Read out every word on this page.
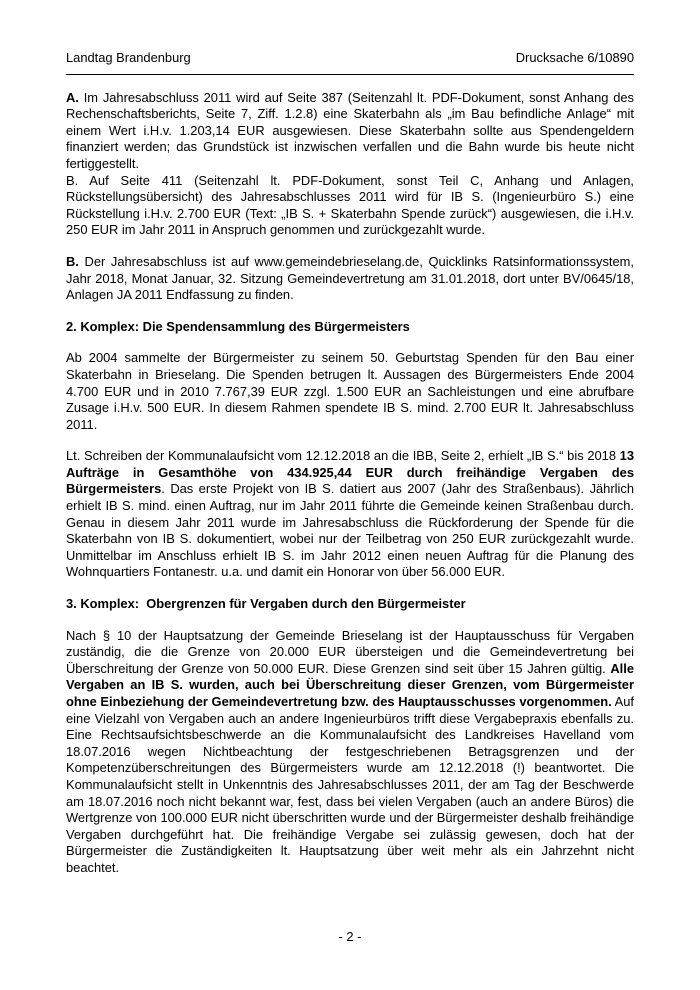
Landtag Brandenburg	Drucksache 6/10890

A. Im Jahresabschluss 2011 wird auf Seite 387 (Seitenzahl lt. PDF-Dokument, sonst Anhang des Rechenschaftsberichts, Seite 7, Ziff. 1.2.8) eine Skaterbahn als „im Bau befindliche Anlage“ mit einem Wert i.H.v. 1.203,14 EUR ausgewiesen. Diese Skaterbahn sollte aus Spendengeldern finanziert werden; das Grundstück ist inzwischen verfallen und die Bahn wurde bis heute nicht fertiggestellt.
B. Auf Seite 411 (Seitenzahl lt. PDF-Dokument, sonst Teil C, Anhang und Anlagen, Rückstellungsübersicht) des Jahresabschlusses 2011 wird für IB S. (Ingenieurbüro S.) eine Rückstellung i.H.v. 2.700 EUR (Text: „IB S. + Skaterbahn Spende zurück“) ausgewiesen, die i.H.v. 250 EUR im Jahr 2011 in Anspruch genommen und zurückgezahlt wurde.

B. Der Jahresabschluss ist auf www.gemeindebrieselang.de, Quicklinks Ratsinformationssystem, Jahr 2018, Monat Januar, 32. Sitzung Gemeindevertretung am 31.01.2018, dort unter BV/0645/18, Anlagen JA 2011 Endfassung zu finden.

2. Komplex: Die Spendensammlung des Bürgermeisters

Ab 2004 sammelte der Bürgermeister zu seinem 50. Geburtstag Spenden für den Bau einer Skaterbahn in Brieselang. Die Spenden betrugen lt. Aussagen des Bürgermeisters Ende 2004 4.700 EUR und in 2010 7.767,39 EUR zzgl. 1.500 EUR an Sachleistungen und eine abrufbare Zusage i.H.v. 500 EUR. In diesem Rahmen spendete IB S. mind. 2.700 EUR lt. Jahresabschluss 2011.

Lt. Schreiben der Kommunalaufsicht vom 12.12.2018 an die IBB, Seite 2, erhielt „IB S.“ bis 2018 13 Aufträge in Gesamthöhe von 434.925,44 EUR durch freihändige Vergaben des Bürgermeisters. Das erste Projekt von IB S. datiert aus 2007 (Jahr des Straßenbaus). Jährlich erhielt IB S. mind. einen Auftrag, nur im Jahr 2011 führte die Gemeinde keinen Straßenbau durch. Genau in diesem Jahr 2011 wurde im Jahresabschluss die Rückforderung der Spende für die Skaterbahn von IB S. dokumentiert, wobei nur der Teilbetrag von 250 EUR zurückgezahlt wurde. Unmittelbar im Anschluss erhielt IB S. im Jahr 2012 einen neuen Auftrag für die Planung des Wohnquartiers Fontanestr. u.a. und damit ein Honorar von über 56.000 EUR.

3. Komplex:  Obergrenzen für Vergaben durch den Bürgermeister

Nach § 10 der Hauptsatzung der Gemeinde Brieselang ist der Hauptausschuss für Vergaben zuständig, die die Grenze von 20.000 EUR übersteigen und die Gemeindevertretung bei Überschreitung der Grenze von 50.000 EUR. Diese Grenzen sind seit über 15 Jahren gültig. Alle Vergaben an IB S. wurden, auch bei Überschreitung dieser Grenzen, vom Bürgermeister ohne Einbeziehung der Gemeindevertretung bzw. des Hauptausschusses vorgenommen. Auf eine Vielzahl von Vergaben auch an andere Ingenieurbüros trifft diese Vergabepraxis ebenfalls zu. Eine Rechtsaufsichtsbeschwerde an die Kommunalaufsicht des Landkreises Havelland vom 18.07.2016 wegen Nichtbeachtung der festgeschriebenen Betragsgrenzen und der Kompetenzüberschreitungen des Bürgermeisters wurde am 12.12.2018 (!) beantwortet. Die Kommunalaufsicht stellt in Unkenntnis des Jahresabschlusses 2011, der am Tag der Beschwerde am 18.07.2016 noch nicht bekannt war, fest, dass bei vielen Vergaben (auch an andere Büros) die Wertgrenze von 100.000 EUR nicht überschritten wurde und der Bürgermeister deshalb freihändige Vergaben durchgeführt hat. Die freihändige Vergabe sei zulässig gewesen, doch hat der Bürgermeister die Zuständigkeiten lt. Hauptsatzung über weit mehr als ein Jahrzehnt nicht beachtet.

- 2 -
